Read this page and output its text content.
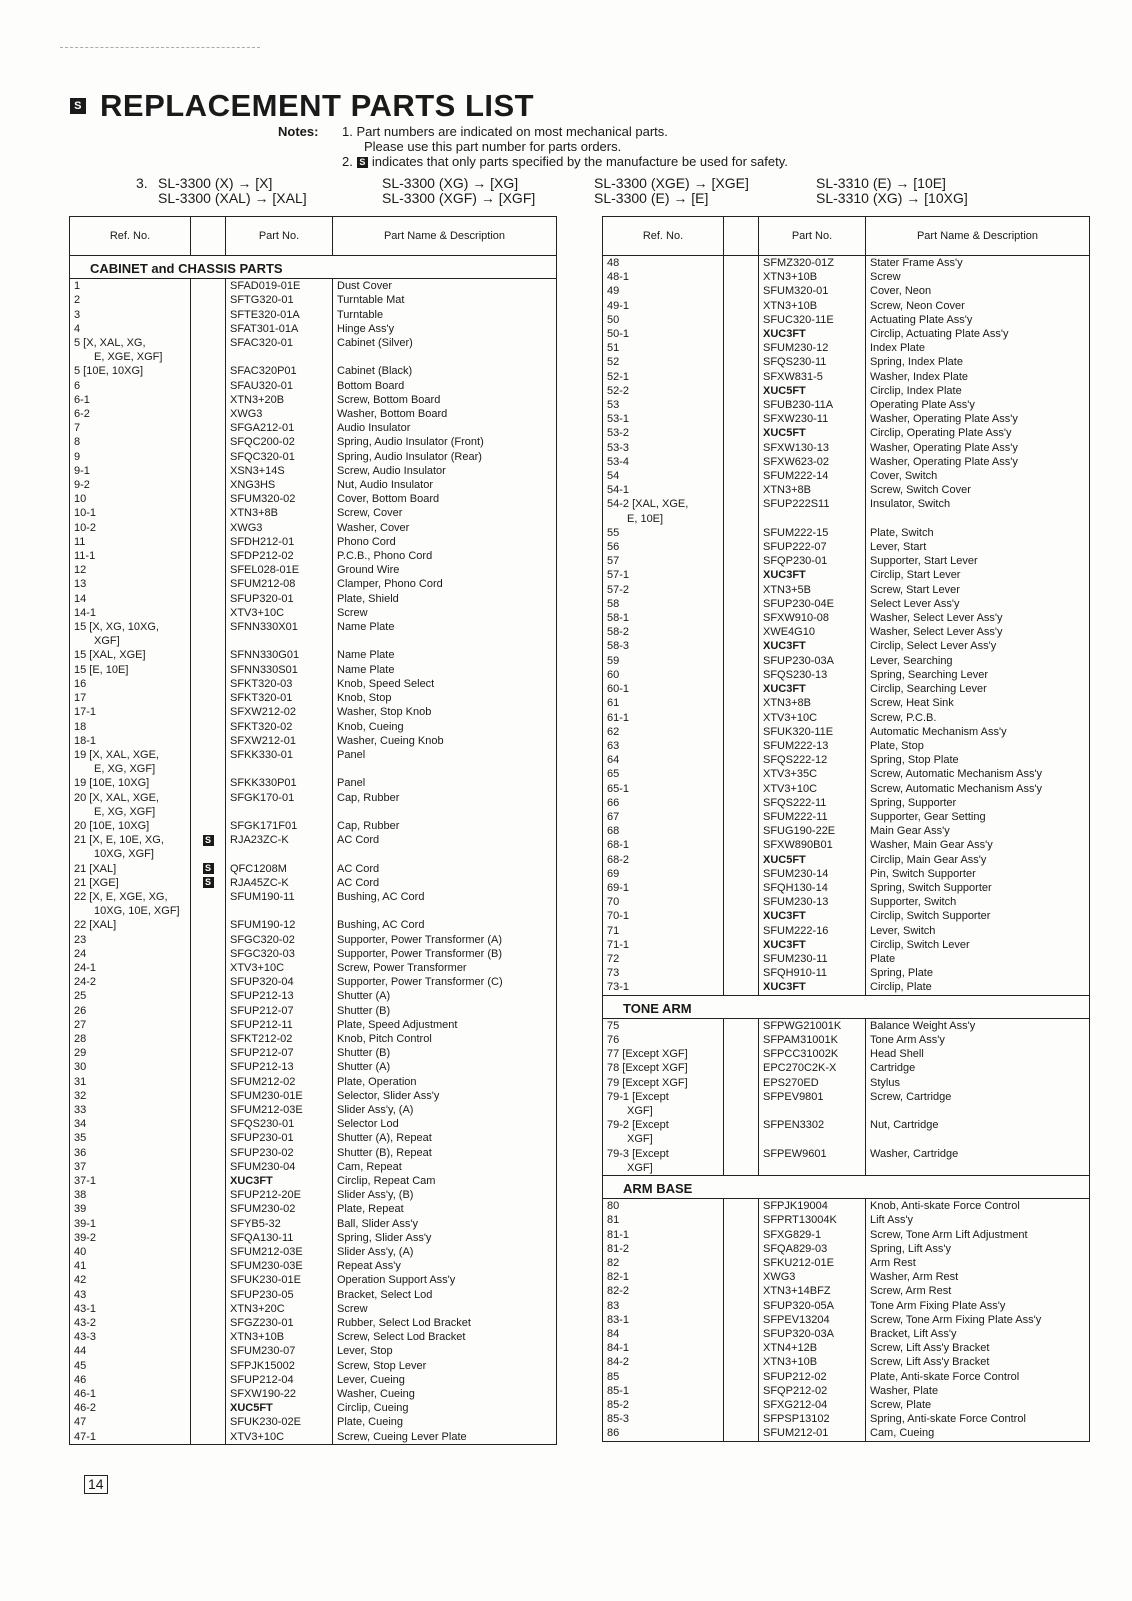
S REPLACEMENT PARTS LIST
Notes: 1. Part numbers are indicated on most mechanical parts.
Please use this part number for parts orders.
2. S indicates that only parts specified by the manufacture be used for safety.
3. SL-3300 (X) → [X]
SL-3300 (XAL) → [XAL]
SL-3300 (XG) → [XG]
SL-3300 (XGF) → [XGF]
SL-3300 (XGE) → [XGE]
SL-3300 (E) → [E]
SL-3310 (E) → [10E]
SL-3310 (XG) → [10XG]
Ref. No.		Part No.	Part Name & Description
CABINET and CHASSIS PARTS			
1		SFAD019-01E	Dust Cover
2		SFTG320-01	Turntable Mat
3		SFTE320-01A	Turntable
4		SFAT301-01A	Hinge Ass'y
5 [X, XAL, XG,		SFAC320-01	Cabinet (Silver)
E, XGE, XGF]			
5 [10E, 10XG]		SFAC320P01	Cabinet (Black)
6		SFAU320-01	Bottom Board
6-1		XTN3+20B	Screw, Bottom Board
6-2		XWG3	Washer, Bottom Board
7		SFGA212-01	Audio Insulator
8		SFQC200-02	Spring, Audio Insulator (Front)
9		SFQC320-01	Spring, Audio Insulator (Rear)
9-1		XSN3+14S	Screw, Audio Insulator
9-2		XNG3HS	Nut, Audio Insulator
10		SFUM320-02	Cover, Bottom Board
10-1		XTN3+8B	Screw, Cover
10-2		XWG3	Washer, Cover
11		SFDH212-01	Phono Cord
11-1		SFDP212-02	P.C.B., Phono Cord
12		SFEL028-01E	Ground Wire
13		SFUM212-08	Clamper, Phono Cord
14		SFUP320-01	Plate, Shield
14-1		XTV3+10C	Screw
15 [X, XG, 10XG,		SFNN330X01	Name Plate
XGF]			
15 [XAL, XGE]		SFNN330G01	Name Plate
15 [E, 10E]		SFNN330S01	Name Plate
16		SFKT320-03	Knob, Speed Select
17		SFKT320-01	Knob, Stop
17-1		SFXW212-02	Washer, Stop Knob
18		SFKT320-02	Knob, Cueing
18-1		SFXW212-01	Washer, Cueing Knob
19 [X, XAL, XGE,		SFKK330-01	Panel
E, XG, XGF]			
19 [10E, 10XG]		SFKK330P01	Panel
20 [X, XAL, XGE,		SFGK170-01	Cap, Rubber
E, XG, XGF]			
20 [10E, 10XG]		SFGK171F01	Cap, Rubber
21 [X, E, 10E, XG,	S	RJA23ZC-K	AC Cord
10XG, XGF]			
21 [XAL]	S	QFC1208M	AC Cord
21 [XGE]	S	RJA45ZC-K	AC Cord
22 [X, E, XGE, XG,		SFUM190-11	Bushing, AC Cord
10XG, 10E, XGF]			
22 [XAL]		SFUM190-12	Bushing, AC Cord
23		SFGC320-02	Supporter, Power Transformer (A)
24		SFGC320-03	Supporter, Power Transformer (B)
24-1		XTV3+10C	Screw, Power Transformer
24-2		SFUP320-04	Supporter, Power Transformer (C)
25		SFUP212-13	Shutter (A)
26		SFUP212-07	Shutter (B)
27		SFUP212-11	Plate, Speed Adjustment
28		SFKT212-02	Knob, Pitch Control
29		SFUP212-07	Shutter (B)
30		SFUP212-13	Shutter (A)
31		SFUM212-02	Plate, Operation
32		SFUM230-01E	Selector, Slider Ass'y
33		SFUM212-03E	Slider Ass'y, (A)
34		SFQS230-01	Selector Lod
35		SFUP230-01	Shutter (A), Repeat
36		SFUP230-02	Shutter (B), Repeat
37		SFUM230-04	Cam, Repeat
37-1		XUC3FT	Circlip, Repeat Cam
38		SFUP212-20E	Slider Ass'y, (B)
39		SFUM230-02	Plate, Repeat
39-1		SFYB5-32	Ball, Slider Ass'y
39-2		SFQA130-11	Spring, Slider Ass'y
40		SFUM212-03E	Slider Ass'y, (A)
41		SFUM230-03E	Repeat Ass'y
42		SFUK230-01E	Operation Support Ass'y
43		SFUP230-05	Bracket, Select Lod
43-1		XTN3+20C	Screw
43-2		SFGZ230-01	Rubber, Select Lod Bracket
43-3		XTN3+10B	Screw, Select Lod Bracket
44		SFUM230-07	Lever, Stop
45		SFPJK15002	Screw, Stop Lever
46		SFUP212-04	Lever, Cueing
46-1		SFXW190-22	Washer, Cueing
46-2		XUC5FT	Circlip, Cueing
47		SFUK230-02E	Plate, Cueing
47-1		XTV3+10C	Screw, Cueing Lever Plate
Ref. No.		Part No.	Part Name & Description
48		SFMZ320-01Z	Stater Frame Ass'y
48-1		XTN3+10B	Screw
49		SFUM320-01	Cover, Neon
49-1		XTN3+10B	Screw, Neon Cover
50		SFUC320-11E	Actuating Plate Ass'y
50-1		XUC3FT	Circlip, Actuating Plate Ass'y
51		SFUM230-12	Index Plate
52		SFQS230-11	Spring, Index Plate
52-1		SFXW831-5	Washer, Index Plate
52-2		XUC5FT	Circlip, Index Plate
53		SFUB230-11A	Operating Plate Ass'y
53-1		SFXW230-11	Washer, Operating Plate Ass'y
53-2		XUC5FT	Circlip, Operating Plate Ass'y
53-3		SFXW130-13	Washer, Operating Plate Ass'y
53-4		SFXW623-02	Washer, Operating Plate Ass'y
54		SFUM222-14	Cover, Switch
54-1		XTN3+8B	Screw, Switch Cover
54-2 [XAL, XGE,		SFUP222S11	Insulator, Switch
E, 10E]			
55		SFUM222-15	Plate, Switch
56		SFUP222-07	Lever, Start
57		SFQP230-01	Supporter, Start Lever
57-1		XUC3FT	Circlip, Start Lever
57-2		XTN3+5B	Screw, Start Lever
58		SFUP230-04E	Select Lever Ass'y
58-1		SFXW910-08	Washer, Select Lever Ass'y
58-2		XWE4G10	Washer, Select Lever Ass'y
58-3		XUC3FT	Circlip, Select Lever Ass'y
59		SFUP230-03A	Lever, Searching
60		SFQS230-13	Spring, Searching Lever
60-1		XUC3FT	Circlip, Searching Lever
61		XTN3+8B	Screw, Heat Sink
61-1		XTV3+10C	Screw, P.C.B.
62		SFUK320-11E	Automatic Mechanism Ass'y
63		SFUM222-13	Plate, Stop
64		SFQS222-12	Spring, Stop Plate
65		XTV3+35C	Screw, Automatic Mechanism Ass'y
65-1		XTV3+10C	Screw, Automatic Mechanism Ass'y
66		SFQS222-11	Spring, Supporter
67		SFUM222-11	Supporter, Gear Setting
68		SFUG190-22E	Main Gear Ass'y
68-1		SFXW890B01	Washer, Main Gear Ass'y
68-2		XUC5FT	Circlip, Main Gear Ass'y
69		SFUM230-14	Pin, Switch Supporter
69-1		SFQH130-14	Spring, Switch Supporter
70		SFUM230-13	Supporter, Switch
70-1		XUC3FT	Circlip, Switch Supporter
71		SFUM222-16	Lever, Switch
71-1		XUC3FT	Circlip, Switch Lever
72		SFUM230-11	Plate
73		SFQH910-11	Spring, Plate
73-1		XUC3FT	Circlip, Plate
TONE ARM			
75		SFPWG21001K	Balance Weight Ass'y
76		SFPAM31001K	Tone Arm Ass'y
77 [Except XGF]		SFPCC31002K	Head Shell
78 [Except XGF]		EPC270C2K-X	Cartridge
79 [Except XGF]		EPS270ED	Stylus
79-1 [Except		SFPEV9801	Screw, Cartridge
XGF]			
79-2 [Except		SFPEN3302	Nut, Cartridge
XGF]			
79-3 [Except		SFPEW9601	Washer, Cartridge
XGF]			
ARM BASE			
80		SFPJK19004	Knob, Anti-skate Force Control
81		SFPRT13004K	Lift Ass'y
81-1		SFXG829-1	Screw, Tone Arm Lift Adjustment
81-2		SFQA829-03	Spring, Lift Ass'y
82		SFKU212-01E	Arm Rest
82-1		XWG3	Washer, Arm Rest
82-2		XTN3+14BFZ	Screw, Arm Rest
83		SFUP320-05A	Tone Arm Fixing Plate Ass'y
83-1		SFPEV13204	Screw, Tone Arm Fixing Plate Ass'y
84		SFUP320-03A	Bracket, Lift Ass'y
84-1		XTN4+12B	Screw, Lift Ass'y Bracket
84-2		XTN3+10B	Screw, Lift Ass'y Bracket
85		SFUP212-02	Plate, Anti-skate Force Control
85-1		SFQP212-02	Washer, Plate
85-2		SFXG212-04	Screw, Plate
85-3		SFPSP13102	Spring, Anti-skate Force Control
86		SFUM212-01	Cam, Cueing
14
